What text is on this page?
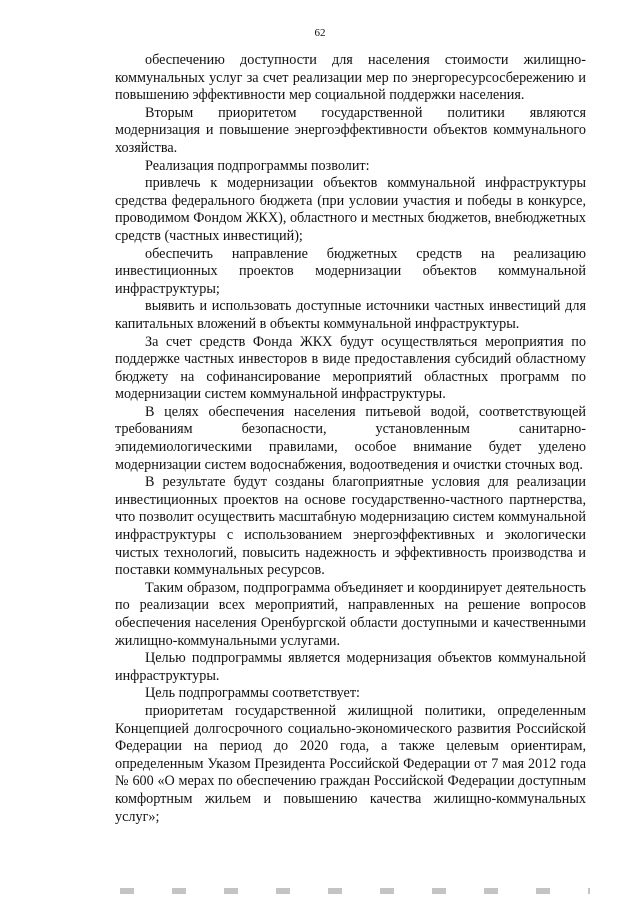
62

обеспечению доступности для населения стоимости жилищно-коммунальных услуг за счет реализации мер по энергоресурсосбережению и повышению эффективности мер социальной поддержки населения.

Вторым приоритетом государственной политики являются модернизация и повышение энергоэффективности объектов коммунального хозяйства.

Реализация подпрограммы позволит:

привлечь к модернизации объектов коммунальной инфраструктуры средства федерального бюджета (при условии участия и победы в конкурсе, проводимом Фондом ЖКХ), областного и местных бюджетов, внебюджетных средств (частных инвестиций);

обеспечить направление бюджетных средств на реализацию инвестиционных проектов модернизации объектов коммунальной инфраструктуры;

выявить и использовать доступные источники частных инвестиций для капитальных вложений в объекты коммунальной инфраструктуры.

За счет средств Фонда ЖКХ будут осуществляться мероприятия по поддержке частных инвесторов в виде предоставления субсидий областному бюджету на софинансирование мероприятий областных программ по модернизации систем коммунальной инфраструктуры.

В целях обеспечения населения питьевой водой, соответствующей требованиям безопасности, установленным санитарно-эпидемиологическими правилами, особое внимание будет уделено модернизации систем водоснабжения, водоотведения и очистки сточных вод.

В результате будут созданы благоприятные условия для реализации инвестиционных проектов на основе государственно-частного партнерства, что позволит осуществить масштабную модернизацию систем коммунальной инфраструктуры с использованием энергоэффективных и экологически чистых технологий, повысить надежность и эффективность производства и поставки коммунальных ресурсов.

Таким образом, подпрограмма объединяет и координирует деятельность по реализации всех мероприятий, направленных на решение вопросов обеспечения населения Оренбургской области доступными и качественными жилищно-коммунальными услугами.

Целью подпрограммы является модернизация объектов коммунальной инфраструктуры.

Цель подпрограммы соответствует:

приоритетам государственной жилищной политики, определенным Концепцией долгосрочного социально-экономического развития Российской Федерации на период до 2020 года, а также целевым ориентирам, определенным Указом Президента Российской Федерации от 7 мая 2012 года № 600 «О мерах по обеспечению граждан Российской Федерации доступным комфортным жильем и повышению качества жилищно-коммунальных услуг»;
